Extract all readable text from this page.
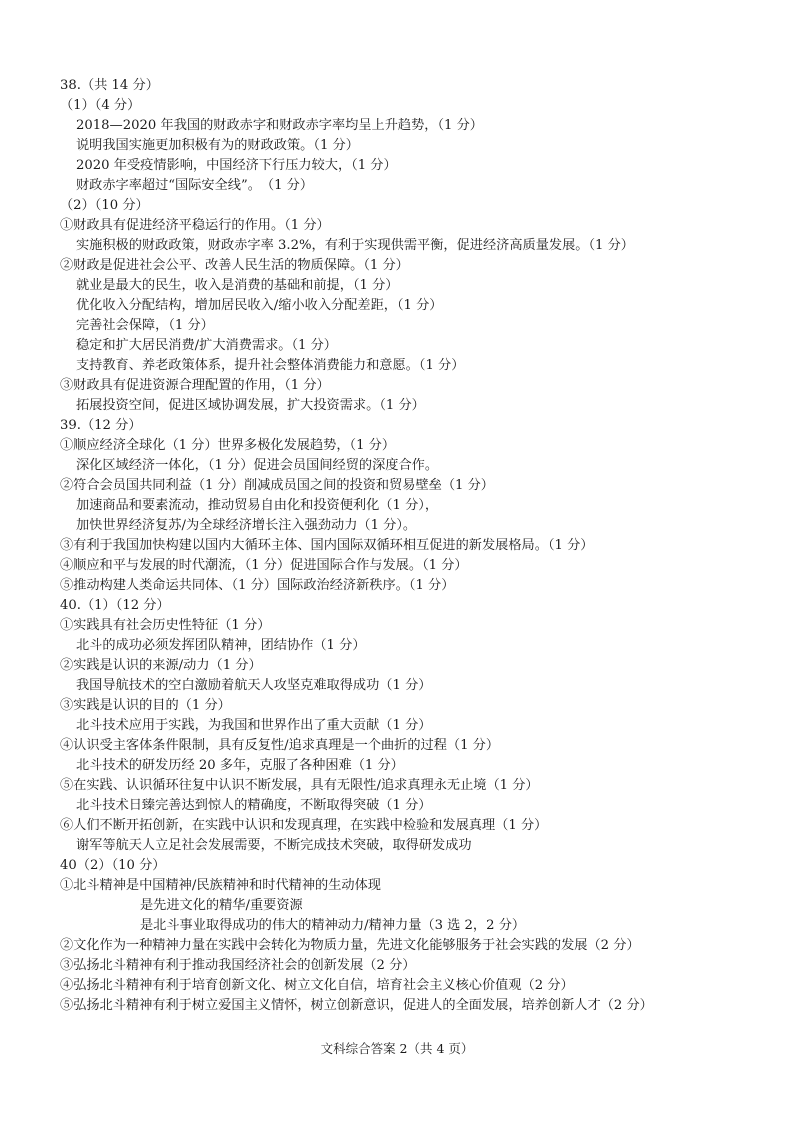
38.（共 14 分）
（1）（4 分）
2018—2020 年我国的财政赤字和财政赤字率均呈上升趋势，（1 分）
说明我国实施更加积极有为的财政政策。（1 分）
2020 年受疫情影响，中国经济下行压力较大，（1 分）
财政赤字率超过“国际安全线”。　（1 分）
（2）（10 分）
①财政具有促进经济平稳运行的作用。（1 分）
实施积极的财政政策，财政赤字率 3.2%，有利于实现供需平衡，促进经济高质量发展。（1 分）
②财政是促进社会公平、改善人民生活的物质保障。（1 分）
就业是最大的民生，收入是消费的基础和前提，（1 分）
优化收入分配结构，增加居民收入/缩小收入分配差距，（1 分）
完善社会保障，（1 分）
稳定和扩大居民消费/扩大消费需求。（1 分）
支持教育、养老政策体系，提升社会整体消费能力和意愿。（1 分）
③财政具有促进资源合理配置的作用，（1 分）
拓展投资空间，促进区域协调发展，扩大投资需求。（1 分）
39.（12 分）
①顺应经济全球化（1 分）世界多极化发展趋势，（1 分）
深化区域经济一体化，（1 分）促进会员国间经贸的深度合作。
②符合会员国共同利益（1 分）削减成员国之间的投资和贸易壁垒（1 分）
加速商品和要素流动，推动贸易自由化和投资便利化（1 分），
加快世界经济复苏/为全球经济增长注入强劲动力（1 分）。
③有利于我国加快构建以国内大循环主体、国内国际双循环相互促进的新发展格局。（1 分）
④顺应和平与发展的时代潮流，（1 分）促进国际合作与发展。（1 分）
⑤推动构建人类命运共同体、（1 分）国际政治经济新秩序。（1 分）
40.（1）（12 分）
①实践具有社会历史性特征（1 分）
北斗的成功必须发挥团队精神，团结协作（1 分）
②实践是认识的来源/动力（1 分）
我国导航技术的空白激励着航天人攻坚克难取得成功（1 分）
③实践是认识的目的（1 分）
北斗技术应用于实践，为我国和世界作出了重大贡献（1 分）
④认识受主客体条件限制，具有反复性/追求真理是一个曲折的过程（1 分）
北斗技术的研发历经 20 多年，克服了各种困难（1 分）
⑤在实践、认识循环往复中认识不断发展，具有无限性/追求真理永无止境（1 分）
北斗技术日臻完善达到惊人的精确度，不断取得突破（1 分）
⑥人们不断开拓创新，在实践中认识和发现真理，在实践中检验和发展真理（1 分）
谢军等航天人立足社会发展需要，不断完成技术突破，取得研发成功
40（2）（10 分）
①北斗精神是中国精神/民族精神和时代精神的生动体现
是先进文化的精华/重要资源
是北斗事业取得成功的伟大的精神动力/精神力量（3 选 2，2 分）
②文化作为一种精神力量在实践中会转化为物质力量，先进文化能够服务于社会实践的发展（2 分）
③弘扬北斗精神有利于推动我国经济社会的创新发展（2 分）
④弘扬北斗精神有利于培育创新文化、树立文化自信，培育社会主义核心价值观（2 分）
⑤弘扬北斗精神有利于树立爱国主义情怀，树立创新意识，促进人的全面发展，培养创新人才（2 分）
文科综合答案 2（共 4 页）
